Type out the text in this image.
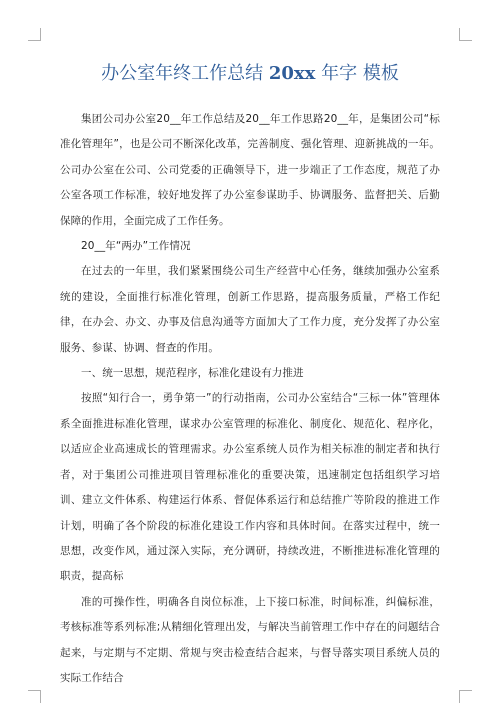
办公室年终工作总结 20xx 年字 模板

集团公司办公室20__年工作总结及20__年工作思路20__年，是集团公司“标准化管理年”，也是公司不断深化改革，完善制度、强化管理、迎新挑战的一年。公司办公室在公司、公司党委的正确领导下，进一步端正了工作态度，规范了办公室各项工作标准，较好地发挥了办公室参谋助手、协调服务、监督把关、后勤保障的作用，全面完成了工作任务。

20__年“两办”工作情况

在过去的一年里，我们紧紧围绕公司生产经营中心任务，继续加强办公室系统的建设，全面推行标准化管理，创新工作思路，提高服务质量，严格工作纪律，在办会、办文、办事及信息沟通等方面加大了工作力度，充分发挥了办公室服务、参谋、协调、督查的作用。

一、统一思想，规范程序，标准化建设有力推进

按照“知行合一，勇争第一”的行动指南，公司办公室结合“三标一体”管理体系全面推进标准化管理，谋求办公室管理的标准化、制度化、规范化、程序化，以适应企业高速成长的管理需求。办公室系统人员作为相关标准的制定者和执行者，对于集团公司推进项目管理标准化的重要决策，迅速制定包括组织学习培训、建立文件体系、构建运行体系、督促体系运行和总结推广等阶段的推进工作计划，明确了各个阶段的标准化建设工作内容和具体时间。在落实过程中，统一思想，改变作风，通过深入实际，充分调研，持续改进，不断推进标准化管理的职责，提高标

准的可操作性，明确各自岗位标准，上下接口标准，时间标准，纠偏标准，考核标准等系列标准;从精细化管理出发，与解决当前管理工作中存在的问题结合起来，与定期与不定期、常规与突击检查结合起来，与督导落实项目系统人员的实际工作结合
